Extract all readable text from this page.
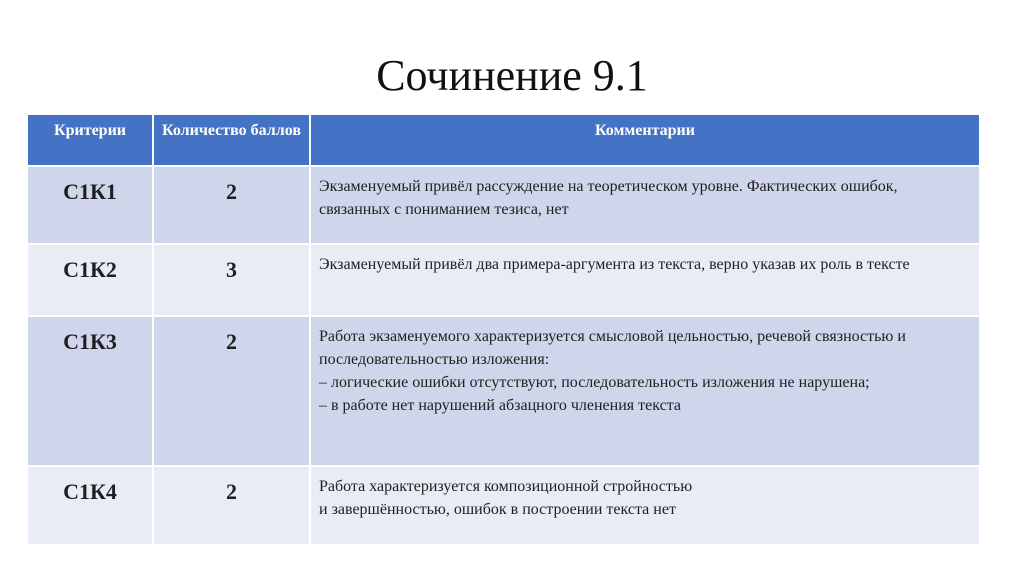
Сочинение 9.1
Критерии	Количество баллов	Комментарии
С1К1	2	Экзаменуемый привёл рассуждение на теоретическом уровне. Фактических ошибок, связанных с пониманием тезиса, нет

С1К2	3	Экзаменуемый привёл два примера-аргумента из текста, верно указав их роль в тексте

С1К3	2	Работа экзаменуемого характеризуется смысловой цельностью, речевой связностью и последовательностью изложения:
– логические ошибки отсутствуют, последовательность изложения не нарушена;
– в работе нет нарушений абзацного членения текста

С1К4	2	Работа характеризуется композиционной стройностью
и завершённостью, ошибок в построении текста нет
